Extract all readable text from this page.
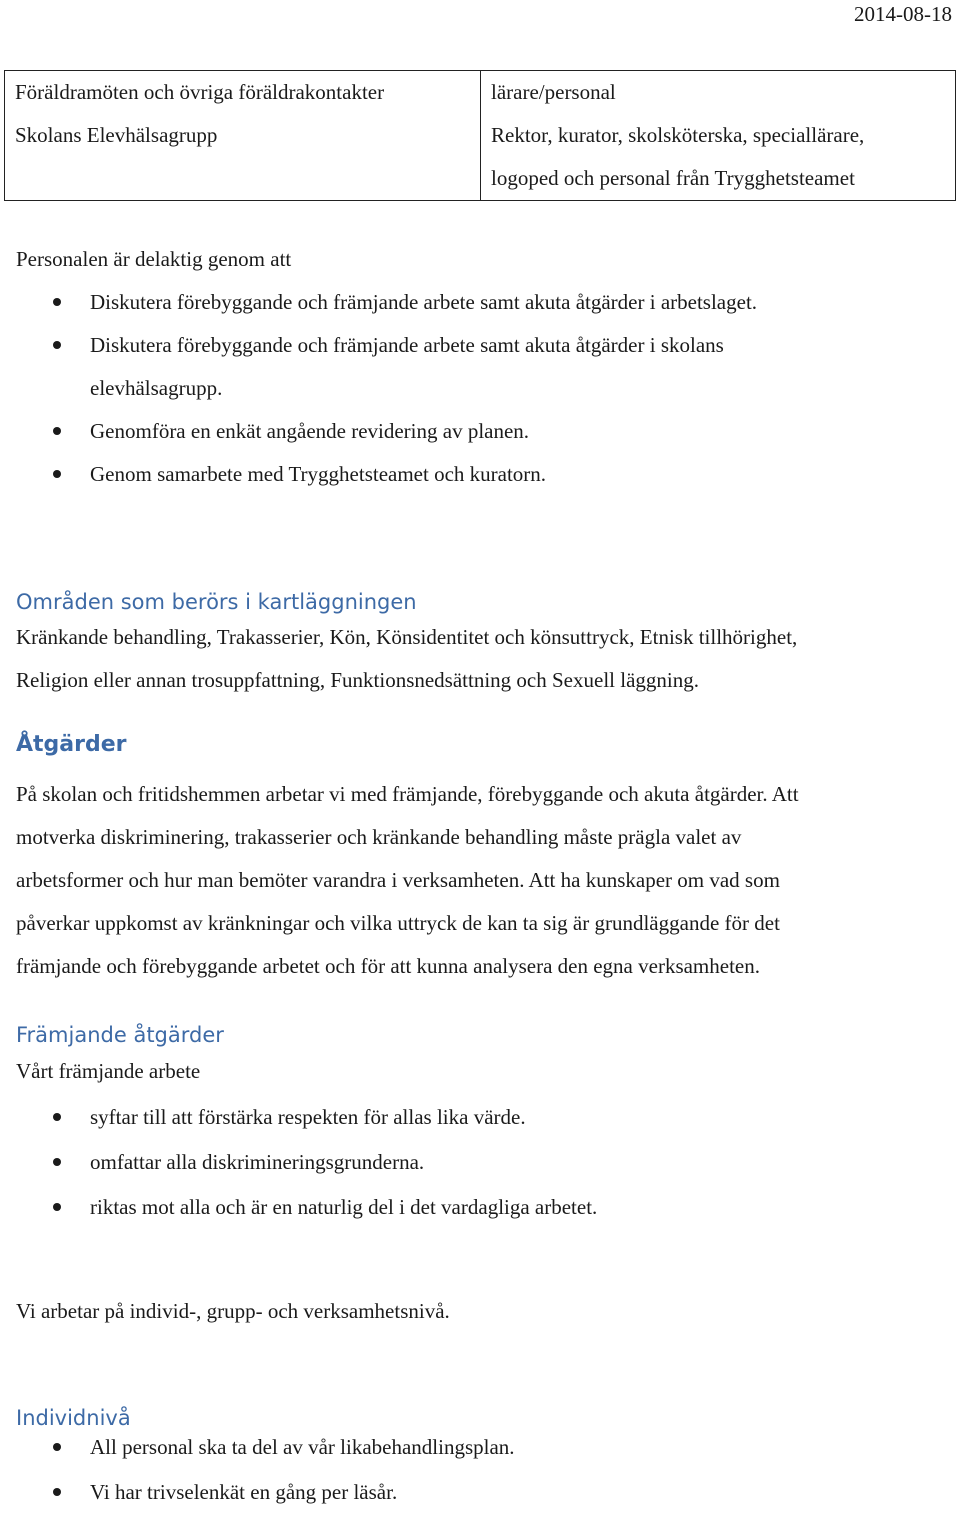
2014-08-18
Föräldramöten och övriga föräldrakontakter	lärare/personal
Skolans Elevhälsagrupp	Rektor, kurator, skolsköterska, speciallärare,
logoped och personal från Trygghetsteamet

Personalen är delaktig genom att

Diskutera förebyggande och främjande arbete samt akuta åtgärder i arbetslaget.
Diskutera förebyggande och främjande arbete samt akuta åtgärder i skolans
elevhälsagrupp.
Genomföra en enkät angående revidering av planen.
Genom samarbete med Trygghetsteamet och kuratorn.

Områden som berörs i kartläggningen

Kränkande behandling, Trakasserier, Kön, Könsidentitet och könsuttryck, Etnisk tillhörighet,

Religion eller annan trosuppfattning, Funktionsnedsättning och Sexuell läggning.

Åtgärder

På skolan och fritidshemmen arbetar vi med främjande, förebyggande och akuta åtgärder. Att

motverka diskriminering, trakasserier och kränkande behandling måste prägla valet av

arbetsformer och hur man bemöter varandra i verksamheten. Att ha kunskaper om vad som

påverkar uppkomst av kränkningar och vilka uttryck de kan ta sig är grundläggande för det

främjande och förebyggande arbetet och för att kunna analysera den egna verksamheten.

Främjande åtgärder

Vårt främjande arbete

syftar till att förstärka respekten för allas lika värde.
omfattar alla diskrimineringsgrunderna.
riktas mot alla och är en naturlig del i det vardagliga arbetet.

Vi arbetar på individ-, grupp- och verksamhetsnivå.

Individnivå

All personal ska ta del av vår likabehandlingsplan.
Vi har trivselenkät en gång per läsår.
